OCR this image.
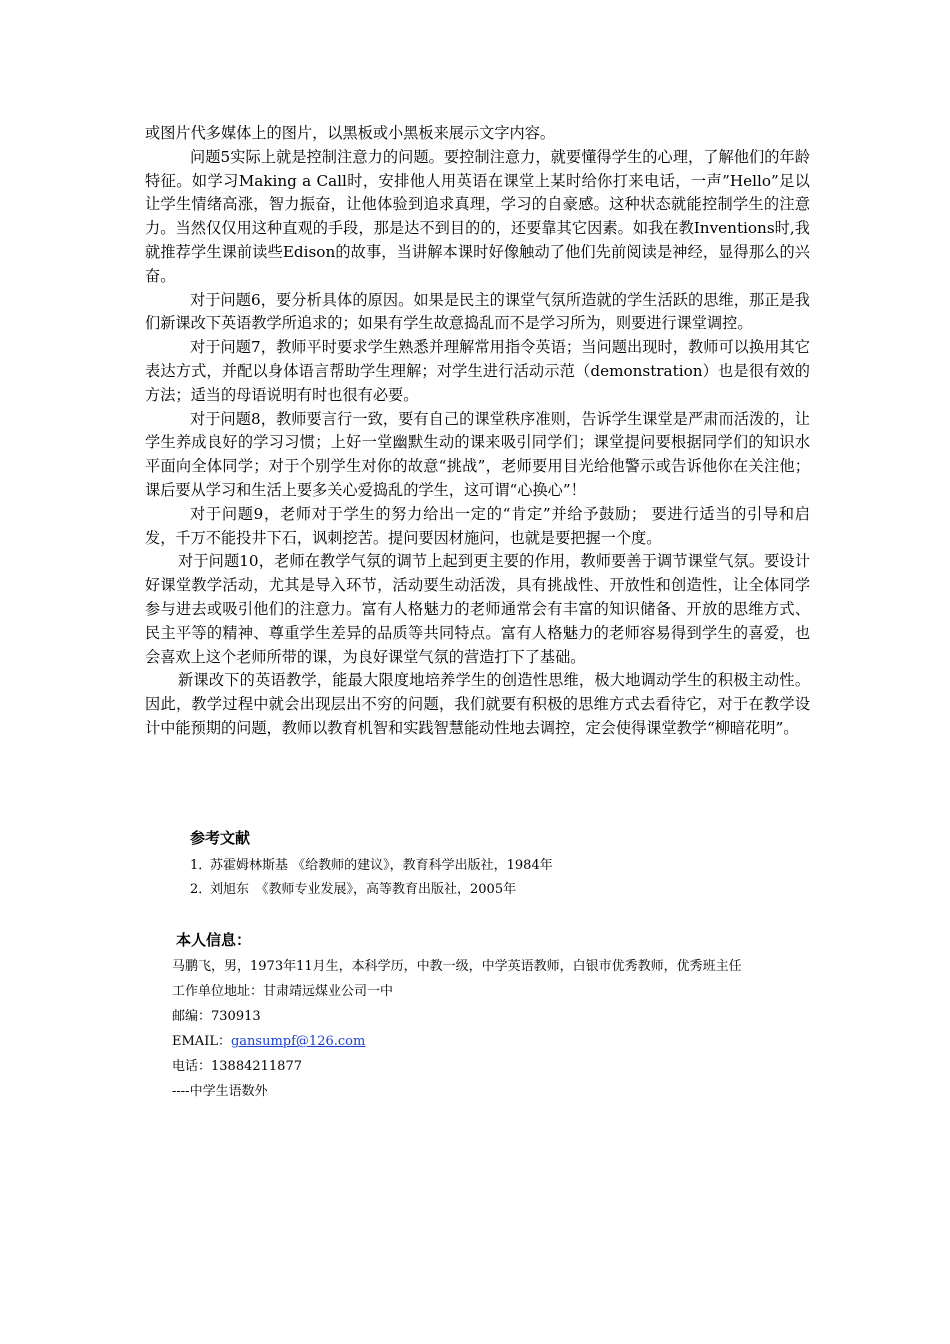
或图片代多媒体上的图片，以黑板或小黑板来展示文字内容。

问题5实际上就是控制注意力的问题。要控制注意力，就要懂得学生的心理，了解他们的年龄特征。如学习Making a Call时，安排他人用英语在课堂上某时给你打来电话，一声”Hello”足以让学生情绪高涨，智力振奋，让他体验到追求真理，学习的自豪感。这种状态就能控制学生的注意力。当然仅仅用这种直观的手段，那是达不到目的的，还要靠其它因素。如我在教Inventions时,我就推荐学生课前读些Edison的故事，当讲解本课时好像触动了他们先前阅读是神经，显得那么的兴奋。

对于问题6，要分析具体的原因。如果是民主的课堂气氛所造就的学生活跃的思维，那正是我们新课改下英语教学所追求的；如果有学生故意捣乱而不是学习所为，则要进行课堂调控。

对于问题7，教师平时要求学生熟悉并理解常用指令英语；当问题出现时，教师可以换用其它表达方式，并配以身体语言帮助学生理解；对学生进行活动示范（demonstration）也是很有效的方法；适当的母语说明有时也很有必要。

对于问题8，教师要言行一致，要有自己的课堂秩序准则，告诉学生课堂是严肃而活泼的，让学生养成良好的学习习惯；上好一堂幽默生动的课来吸引同学们；课堂提问要根据同学们的知识水平面向全体同学；对于个别学生对你的故意“挑战”，老师要用目光给他警示或告诉他你在关注他；课后要从学习和生活上要多关心爱捣乱的学生，这可谓“心换心”！

对于问题9，老师对于学生的努力给出一定的“肯定”并给予鼓励； 要进行适当的引导和启发，千万不能投井下石，讽刺挖苦。提问要因材施问，也就是要把握一个度。

对于问题10，老师在教学气氛的调节上起到更主要的作用，教师要善于调节课堂气氛。要设计好课堂教学活动，尤其是导入环节，活动要生动活泼，具有挑战性、开放性和创造性，让全体同学参与进去或吸引他们的注意力。富有人格魅力的老师通常会有丰富的知识储备、开放的思维方式、民主平等的精神、尊重学生差异的品质等共同特点。富有人格魅力的老师容易得到学生的喜爱，也会喜欢上这个老师所带的课，为良好课堂气氛的营造打下了基础。

新课改下的英语教学，能最大限度地培养学生的创造性思维，极大地调动学生的积极主动性。因此，教学过程中就会出现层出不穷的问题，我们就要有积极的思维方式去看待它，对于在教学设计中能预期的问题，教师以教育机智和实践智慧能动性地去调控，定会使得课堂教学“柳暗花明”。

参考文献

1．苏霍姆林斯基 《给教师的建议》，教育科学出版社，1984年

2．刘旭东　《教师专业发展》，高等教育出版社，2005年

本人信息：

马鹏飞，男，1973年11月生，本科学历，中教一级，中学英语教师，白银市优秀教师，优秀班主任

工作单位地址：甘肃靖远煤业公司一中

邮编：730913

EMAIL：gansumpf@126.com

电话：13884211877

----中学生语数外
